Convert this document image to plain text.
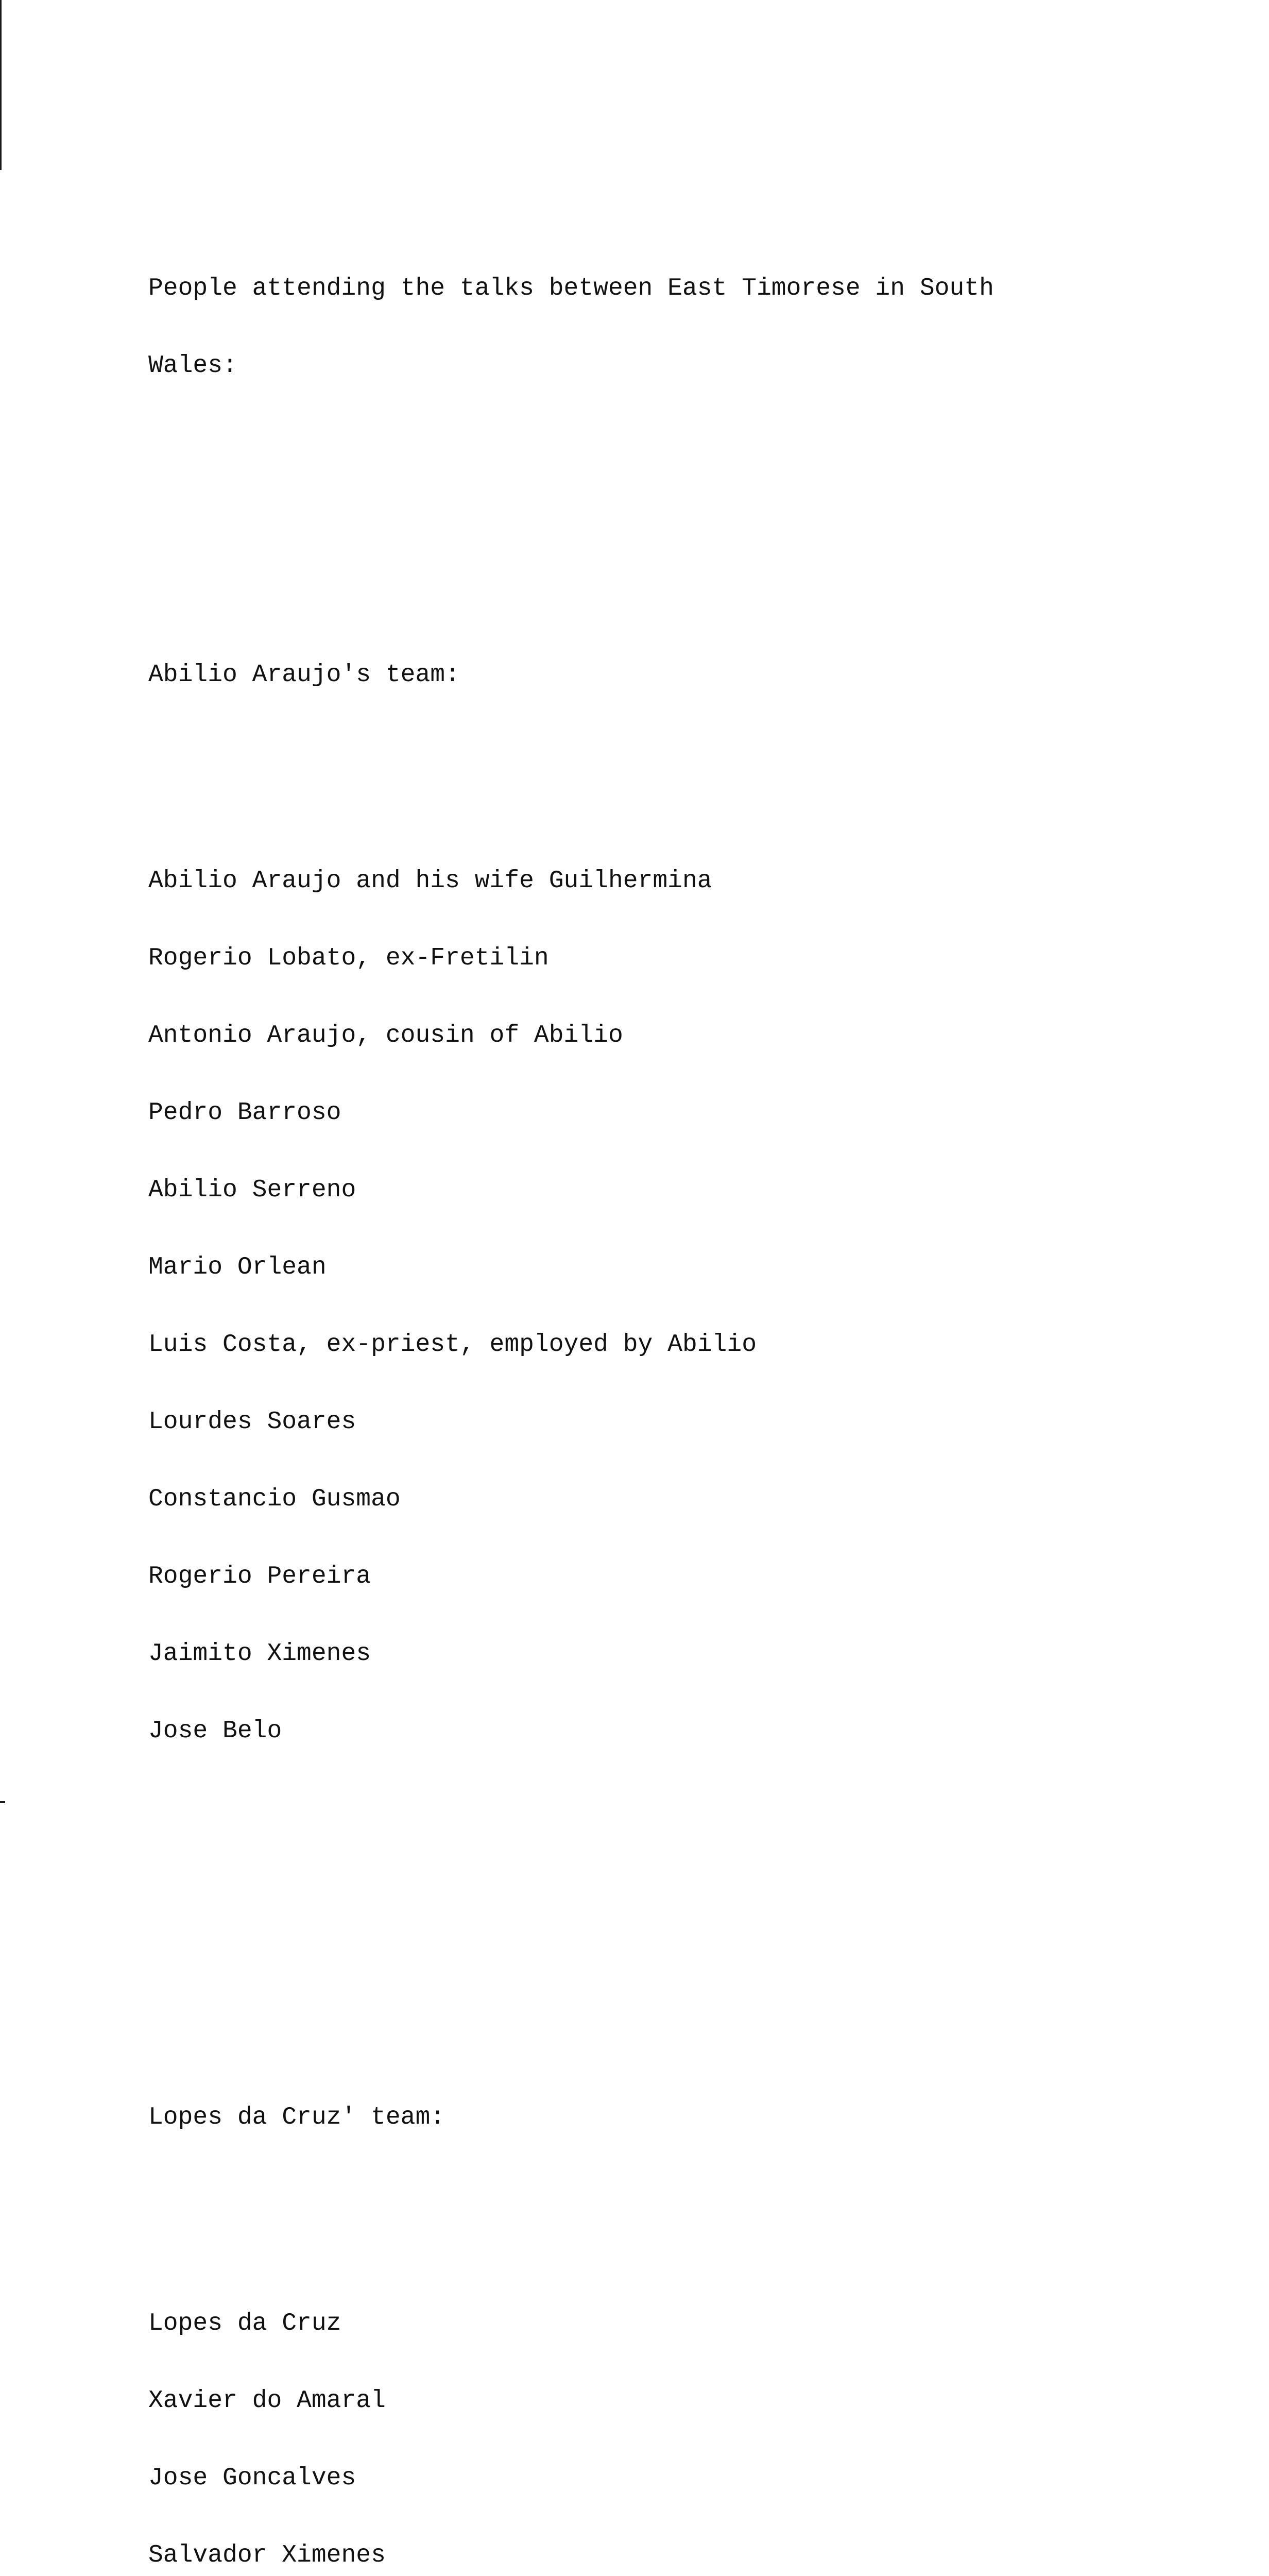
People attending the talks between East Timorese in South

Wales:

Abilio Araujo's team:

Abilio Araujo and his wife Guilhermina

Rogerio Lobato, ex-Fretilin

Antonio Araujo, cousin of Abilio

Pedro Barroso

Abilio Serreno

Mario Orlean

Luis Costa, ex-priest, employed by Abilio

Lourdes Soares

Constancio Gusmao

Rogerio Pereira

Jaimito Ximenes

Jose Belo

Lopes da Cruz' team:

Lopes da Cruz

Xavier do Amaral

Jose Goncalves

Salvador Ximenes
